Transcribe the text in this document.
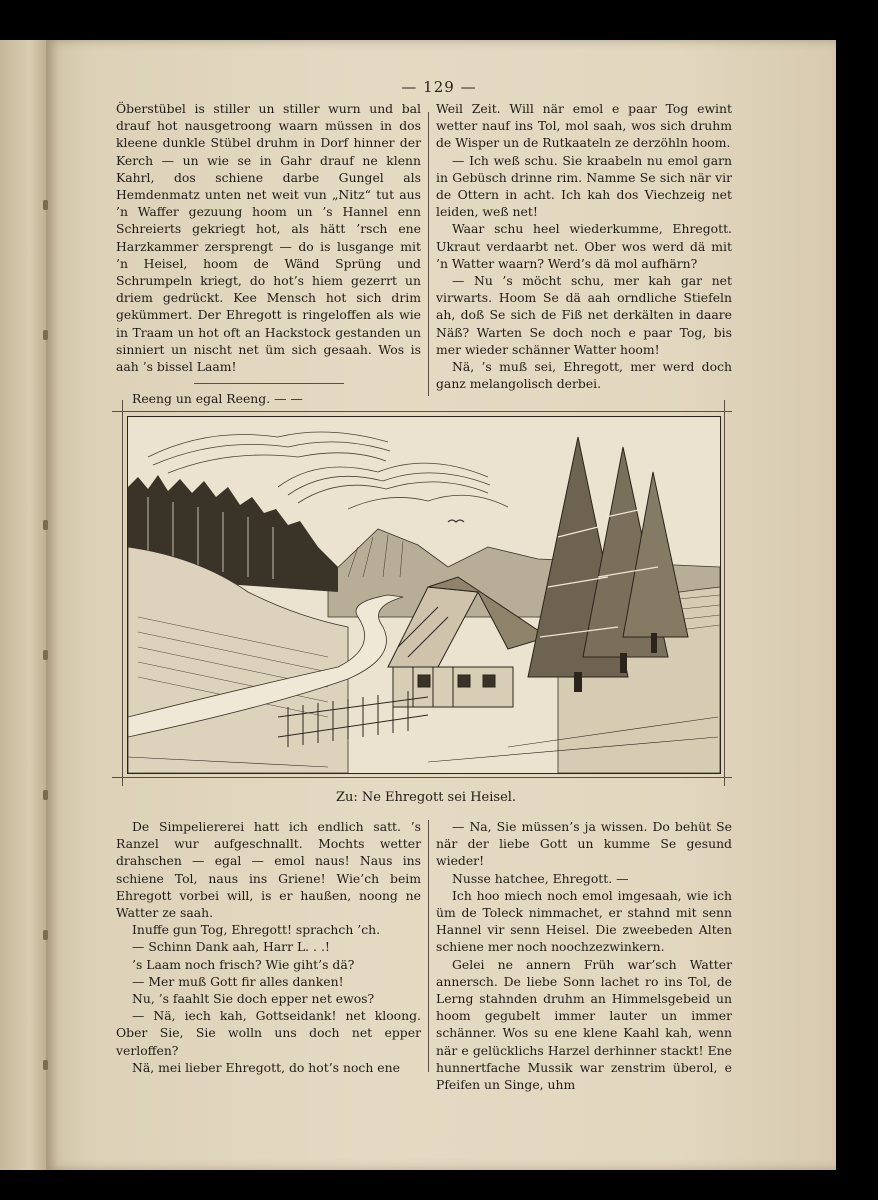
— 129 —

Öberstübel is stiller un stiller wurn und bal drauf hot nausgetroong waarn müssen in dos kleene dunkle Stübel druhm in Dorf hinner der Kerch — un wie se in Gahr drauf ne klenn Kahrl, dos schiene darbe Gungel als Hemdenmatz unten net weit vun „Nitz“ tut aus ’n Waffer gezuung hoom un ’s Hannel enn Schreierts gekriegt hot, als hätt ’rsch ene Harzkammer zersprengt — do is lusgange mit ’n Heisel, hoom de Wänd Sprüng und Schrumpeln kriegt, do hot’s hiem gezerrt un driem gedrückt. Kee Mensch hot sich drim gekümmert. Der Ehregott is ringeloffen als wie in Traam un hot oft an Hackstock gestanden un sinniert un nischt net üm sich gesaah. Wos is aah ’s bissel Laam!

Reeng un egal Reeng. — —

Weil Zeit. Will när emol e paar Tog ewint wetter nauf ins Tol, mol saah, wos sich druhm de Wisper un de Rutkaateln ze derzöhln hoom.

— Ich weß schu. Sie kraabeln nu emol garn in Gebüsch drinne rim. Namme Se sich när vir de Ottern in acht. Ich kah dos Viechzeig net leiden, weß net!

Waar schu heel wiederkumme, Ehregott. Ukraut verdaarbt net. Ober wos werd dä mit ’n Watter waarn? Werd’s dä mol aufhärn?

— Nu ’s möcht schu, mer kah gar net virwarts. Hoom Se dä aah orndliche Stiefeln ah, doß Se sich de Fiß net derkälten in daare Näß? Warten Se doch noch e paar Tog, bis mer wieder schänner Watter hoom!

Nä, ’s muß sei, Ehregott, mer werd doch ganz melangolisch derbei.

Zu: Ne Ehregott sei Heisel.

De Simpeliererei hatt ich endlich satt. ’s Ranzel wur aufgeschnallt. Mochts wetter drahschen — egal — emol naus! Naus ins schiene Tol, naus ins Griene! Wie’ch beim Ehregott vorbei will, is er haußen, noong ne Watter ze saah.

Inuffe gun Tog, Ehregott! sprachch ’ch.

— Schinn Dank aah, Harr L. . .!

’s Laam noch frisch? Wie giht’s dä?

— Mer muß Gott fir alles danken!

Nu, ’s faahlt Sie doch epper net ewos?

— Nä, iech kah, Gottseidank! net kloong. Ober Sie, Sie wolln uns doch net epper verloffen?

Nä, mei lieber Ehregott, do hot’s noch ene

— Na, Sie müssen’s ja wissen. Do behüt Se när der liebe Gott un kumme Se gesund wieder!

Nusse hatchee, Ehregott. —

Ich hoo miech noch emol imgesaah, wie ich üm de Toleck nimmachet, er stahnd mit senn Hannel vir senn Heisel. Die zweebeden Alten schiene mer noch noochzezwinkern.

Gelei ne annern Früh war’sch Watter annersch. De liebe Sonn lachet ro ins Tol, de Lerng stahnden druhm an Himmelsgebeid un hoom gegubelt immer lauter un immer schänner. Wos su ene klene Kaahl kah, wenn när e gelücklichs Harzel derhinner stackt! Ene hunnertfache Mussik war zenstrim überol, e Pfeifen un Singe, uhm
